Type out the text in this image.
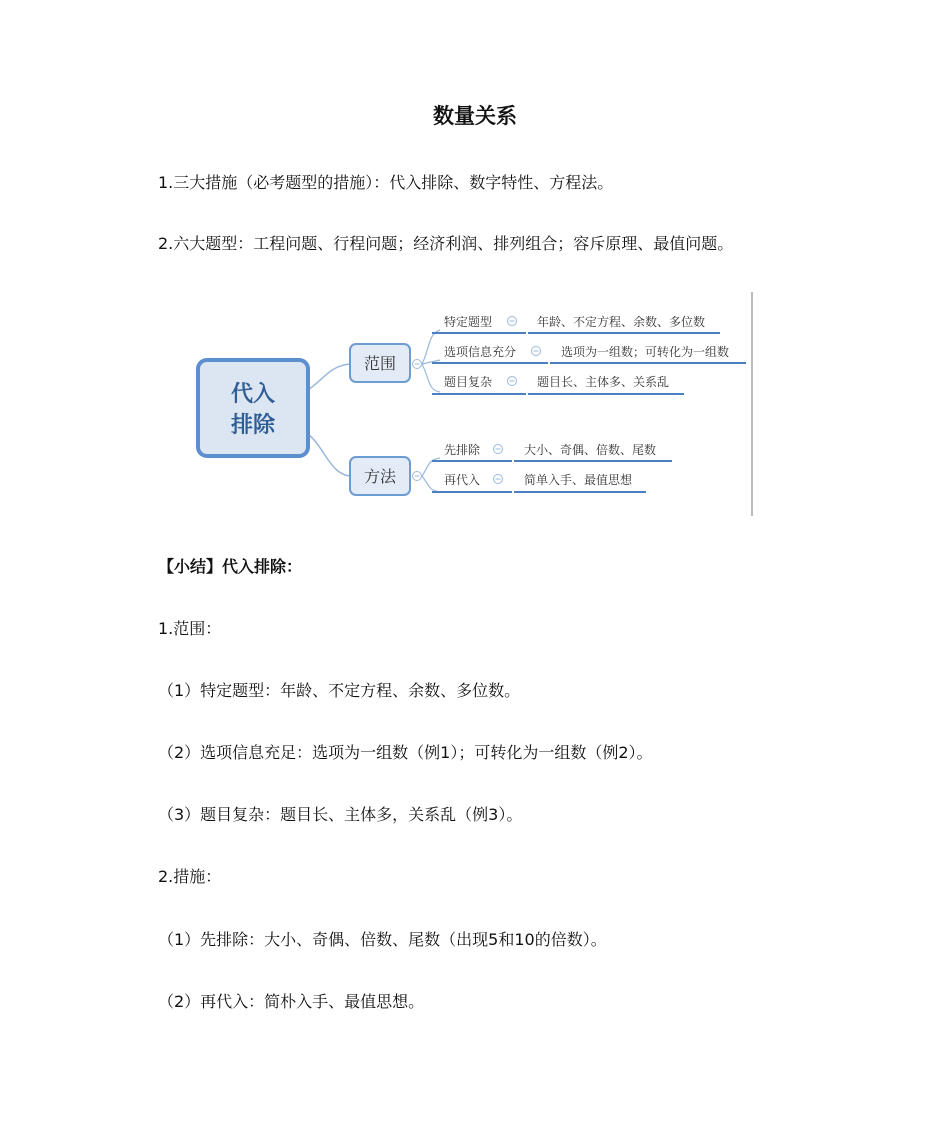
数量关系
1.三大措施（必考题型的措施）：代入排除、数字特性、方程法。
2.六大题型：工程问题、行程问题；经济利润、排列组合；容斥原理、最值问题。
代入
排除
范围
方法
特定题型	年龄、不定方程、余数、多位数
选项信息充分	选项为一组数；可转化为一组数
题目复杂	题目长、主体多、关系乱
先排除	大小、奇偶、倍数、尾数
再代入	简单入手、最值思想
【小结】代入排除：
1.范围：
（1）特定题型：年龄、不定方程、余数、多位数。
（2）选项信息充足：选项为一组数（例1）；可转化为一组数（例2）。
（3）题目复杂：题目长、主体多，关系乱（例3）。
2.措施：
（1）先排除：大小、奇偶、倍数、尾数（出现5和10的倍数）。
（2）再代入：简朴入手、最值思想。
